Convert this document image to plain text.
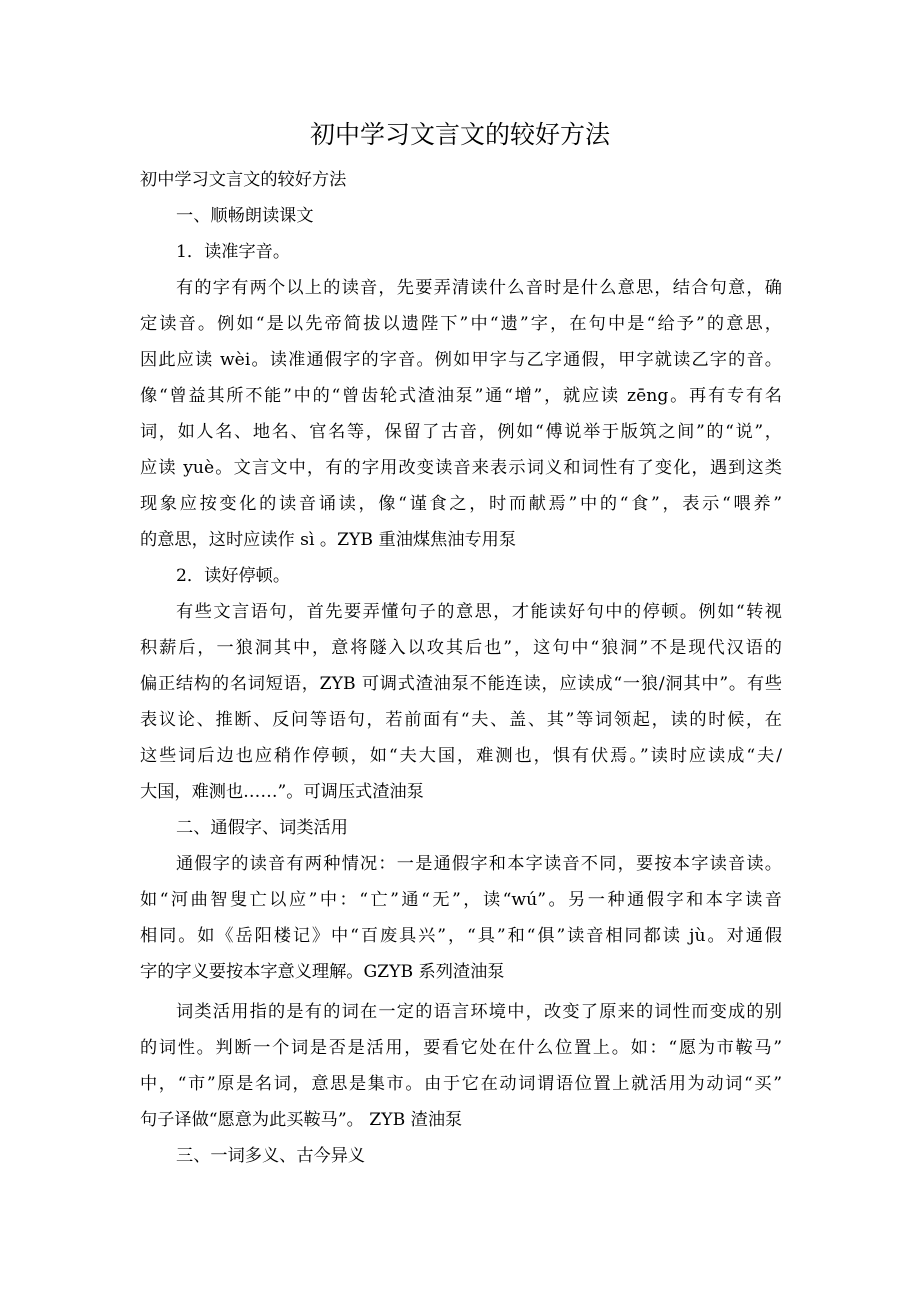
初中学习文言文的较好方法
初中学习文言文的较好方法
一、顺畅朗读课文
1．读准字音。
有的字有两个以上的读音，先要弄清读什么音时是什么意思，结合句意，确
定读音。例如“是以先帝简拔以遗陛下”中“遗”字，在句中是“给予”的意思，
因此应读 wèi。读准通假字的字音。例如甲字与乙字通假，甲字就读乙字的音。
像“曾益其所不能”中的“曾齿轮式渣油泵”通“增”，就应读 zēng。再有专有名
词，如人名、地名、官名等，保留了古音，例如“傅说举于版筑之间”的“说”，
应读 yuè。文言文中，有的字用改变读音来表示词义和词性有了变化，遇到这类
现象应按变化的读音诵读，像“谨食之，时而献焉”中的“食”，表示“喂养”
的意思，这时应读作 sì 。ZYB 重油煤焦油专用泵
2．读好停顿。
有些文言语句，首先要弄懂句子的意思，才能读好句中的停顿。例如“转视
积薪后，一狼洞其中，意将隧入以攻其后也”，这句中“狼洞”不是现代汉语的
偏正结构的名词短语，ZYB 可调式渣油泵不能连读，应读成“一狼/洞其中”。有些
表议论、推断、反问等语句，若前面有“夫、盖、其”等词领起，读的时候，在
这些词后边也应稍作停顿，如“夫大国，难测也，惧有伏焉。”读时应读成“夫/
大国，难测也……”。可调压式渣油泵
二、通假字、词类活用
通假字的读音有两种情况：一是通假字和本字读音不同，要按本字读音读。
如“河曲智叟亡以应”中：“亡”通“无”，读“wú”。另一种通假字和本字读音
相同。如《岳阳楼记》中“百废具兴”，“具”和“俱”读音相同都读 jù。对通假
字的字义要按本字意义理解。GZYB 系列渣油泵
词类活用指的是有的词在一定的语言环境中，改变了原来的词性而变成的别
的词性。判断一个词是否是活用，要看它处在什么位置上。如：“愿为市鞍马”
中，“市”原是名词，意思是集市。由于它在动词谓语位置上就活用为动词“买”
句子译做“愿意为此买鞍马”。 ZYB 渣油泵
三、一词多义、古今异义
